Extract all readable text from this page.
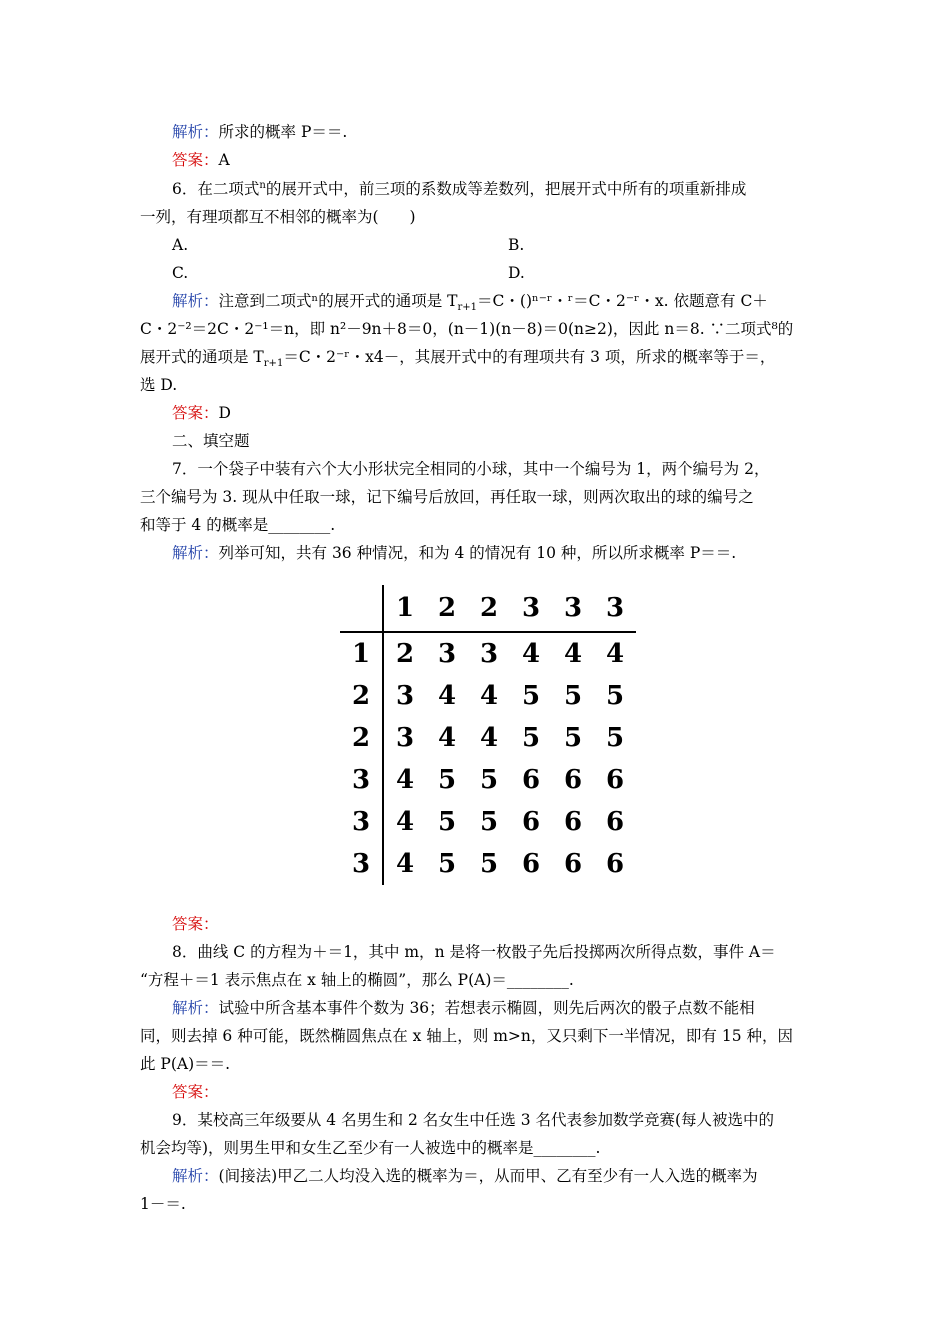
解析：所求的概率 P＝＝.
答案：A
6．在二项式$^n$的展开式中，前三项的系数成等差数列，把展开式中所有的项重新排成
一列，有理项都互不相邻的概率为(　　)
A.	B.
C.	D.
解析：注意到二项式ⁿ的展开式的通项是 $T_{r+1}=C$・()ⁿ⁻ʳ・ʳ＝C・2⁻ʳ・x. 依题意有 C＋
C・2⁻²＝2C・2⁻¹＝n，即 n²－9n＋8＝0，(n－1)(n－8)＝0(n≥2)，因此 n＝8. ∵二项式⁸的
展开式的通项是 $T_{r+1}=C$・2⁻ʳ・x4－，其展开式中的有理项共有 3 项，所求的概率等于＝，
选 D.
答案：D
二、填空题
7．一个袋子中装有六个大小形状完全相同的小球，其中一个编号为 1，两个编号为 2，
三个编号为 3. 现从中任取一球，记下编号后放回，再任取一球，则两次取出的球的编号之
和等于 4 的概率是________.
解析：列举可知，共有 36 种情况，和为 4 的情况有 10 种，所以所求概率 P＝＝.
	1	2	2	3	3	3
1	2	3	3	4	4	4
2	3	4	4	5	5	5
2	3	4	4	5	5	5
3	4	5	5	6	6	6
3	4	5	5	6	6	6
3	4	5	5	6	6	6
答案：
8．曲线 C 的方程为＋＝1，其中 m，n 是将一枚骰子先后投掷两次所得点数，事件 A＝
“方程＋＝1 表示焦点在 x 轴上的椭圆”，那么 P(A)＝________.
解析：试验中所含基本事件个数为 36；若想表示椭圆，则先后两次的骰子点数不能相
同，则去掉 6 种可能，既然椭圆焦点在 x 轴上，则 m>n，又只剩下一半情况，即有 15 种，因
此 P(A)＝＝.
答案：
9．某校高三年级要从 4 名男生和 2 名女生中任选 3 名代表参加数学竞赛(每人被选中的
机会均等)，则男生甲和女生乙至少有一人被选中的概率是________.
解析：(间接法)甲乙二人均没入选的概率为＝，从而甲、乙有至少有一人入选的概率为
1－＝.
